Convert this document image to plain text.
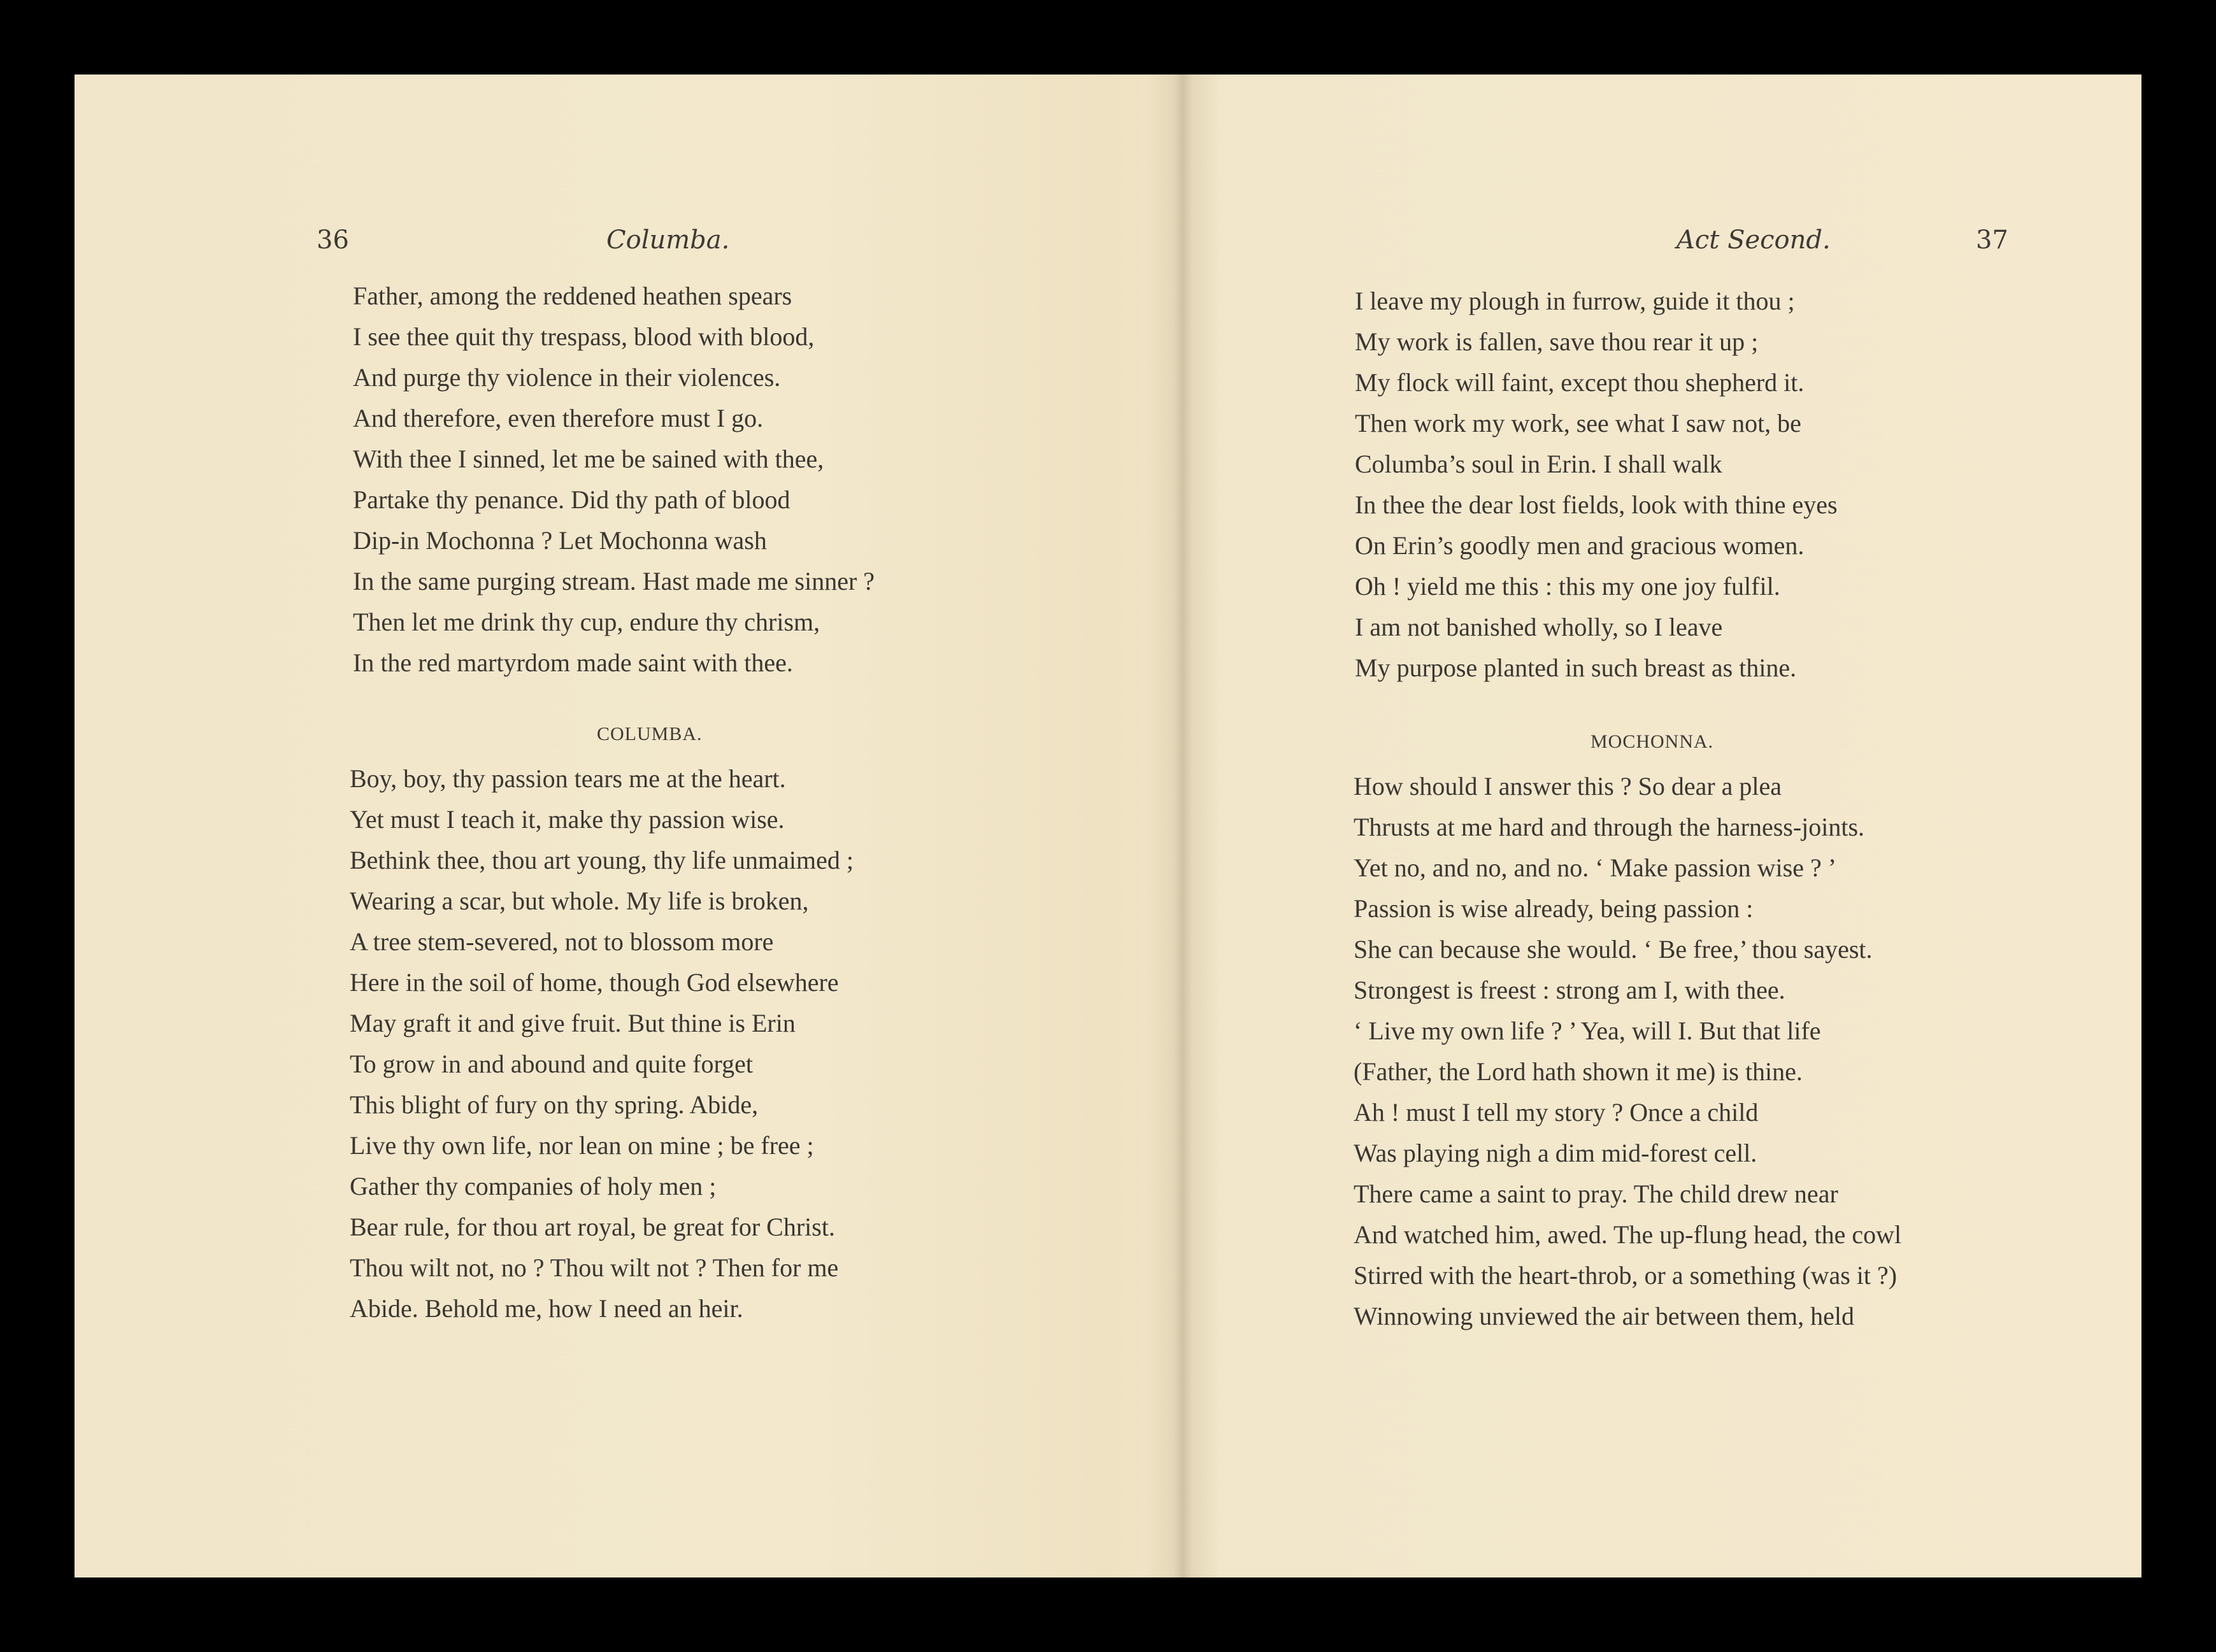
36	Columba.
Father, among the reddened heathen spears
I see thee quit thy trespass, blood with blood,
And purge thy violence in their violences.
And therefore, even therefore must I go.
With thee I sinned, let me be sained with thee,
Partake thy penance. Did thy path of blood
Dip-in Mochonna ? Let Mochonna wash
In the same purging stream. Hast made me sinner ?
Then let me drink thy cup, endure thy chrism,
In the red martyrdom made saint with thee.
COLUMBA.
Boy, boy, thy passion tears me at the heart.
Yet must I teach it, make thy passion wise.
Bethink thee, thou art young, thy life unmaimed ;
Wearing a scar, but whole. My life is broken,
A tree stem-severed, not to blossom more
Here in the soil of home, though God elsewhere
May graft it and give fruit. But thine is Erin
To grow in and abound and quite forget
This blight of fury on thy spring. Abide,
Live thy own life, nor lean on mine ; be free ;
Gather thy companies of holy men ;
Bear rule, for thou art royal, be great for Christ.
Thou wilt not, no ? Thou wilt not ? Then for me
Abide. Behold me, how I need an heir.
Act Second.	37
I leave my plough in furrow, guide it thou ;
My work is fallen, save thou rear it up ;
My flock will faint, except thou shepherd it.
Then work my work, see what I saw not, be
Columba’s soul in Erin. I shall walk
In thee the dear lost fields, look with thine eyes
On Erin’s goodly men and gracious women.
Oh ! yield me this : this my one joy fulfil.
I am not banished wholly, so I leave
My purpose planted in such breast as thine.
MOCHONNA.
How should I answer this ? So dear a plea
Thrusts at me hard and through the harness-joints.
Yet no, and no, and no. ‘ Make passion wise ? ’
Passion is wise already, being passion :
She can because she would. ‘ Be free,’ thou sayest.
Strongest is freest : strong am I, with thee.
‘ Live my own life ? ’ Yea, will I. But that life
(Father, the Lord hath shown it me) is thine.
Ah ! must I tell my story ? Once a child
Was playing nigh a dim mid-forest cell.
There came a saint to pray. The child drew near
And watched him, awed. The up-flung head, the cowl
Stirred with the heart-throb, or a something (was it ?)
Winnowing unviewed the air between them, held
